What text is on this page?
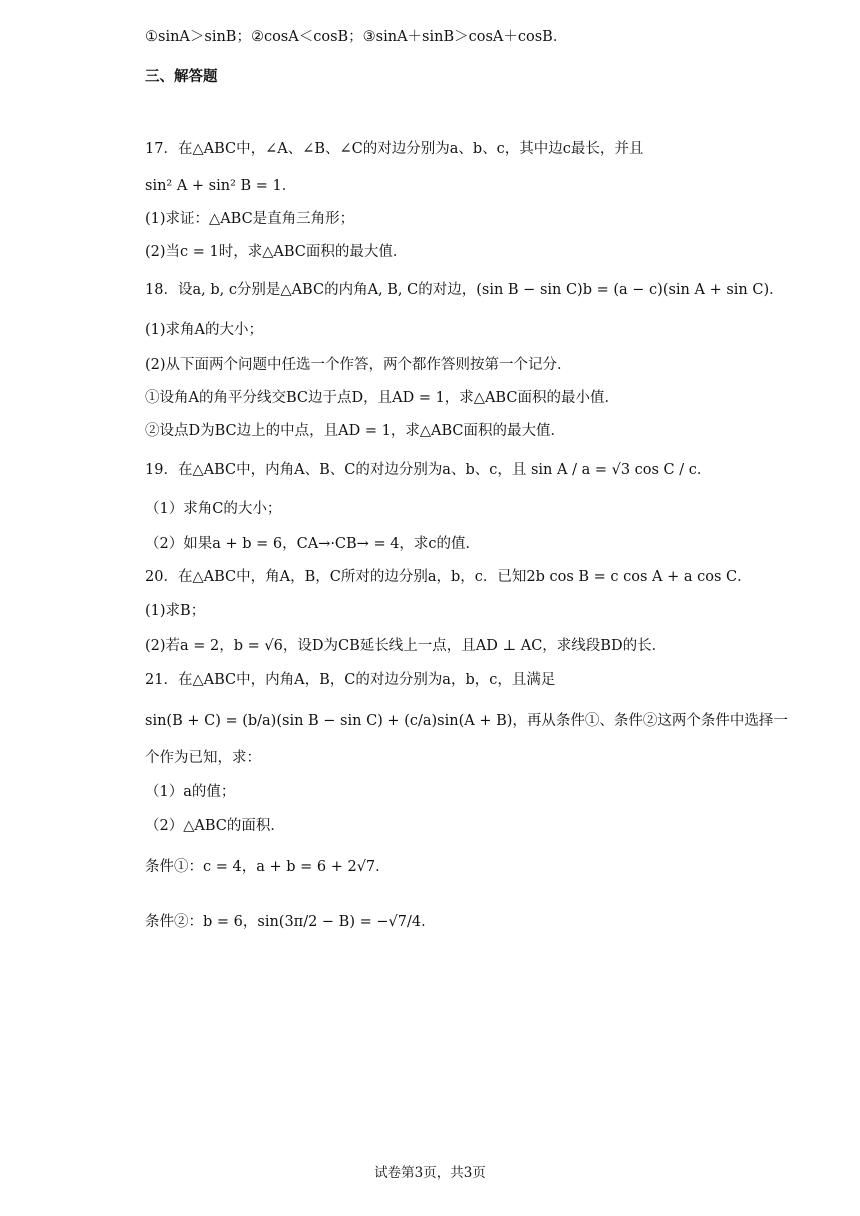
①sinA＞sinB；②cosA＜cosB；③sinA＋sinB＞cosA＋cosB．
三、解答题
17．在△ABC中，∠A、∠B、∠C的对边分别为a、b、c，其中边c最长，并且
sin² A + sin² B = 1．
(1)求证：△ABC是直角三角形；
(2)当c = 1时，求△ABC面积的最大值．
18．设a, b, c分别是△ABC的内角A, B, C的对边，(sin B − sin C)b = (a − c)(sin A + sin C)．
(1)求角A的大小；
(2)从下面两个问题中任选一个作答，两个都作答则按第一个记分．
①设角A的角平分线交BC边于点D，且AD = 1，求△ABC面积的最小值．
②设点D为BC边上的中点，且AD = 1，求△ABC面积的最大值．
19．在△ABC中，内角A、B、C的对边分别为a、b、c，且 sin A / a = √3 cos C / c．
（1）求角C的大小；
（2）如果a + b = 6，CA→·CB→ = 4，求c的值．
20．在△ABC中，角A，B，C所对的边分别a，b，c．已知2b cos B = c cos A + a cos C．
(1)求B；
(2)若a = 2，b = √6，设D为CB延长线上一点，且AD ⊥ AC，求线段BD的长．
21．在△ABC中，内角A，B，C的对边分别为a，b，c，且满足
sin(B + C) = (b/a)(sin B − sin C) + (c/a)sin(A + B)，再从条件①、条件②这两个条件中选择一
个作为已知，求：
（1）a的值；
（2）△ABC的面积．
条件①：c = 4，a + b = 6 + 2√7．
条件②：b = 6，sin(3π/2 − B) = −√7/4．
试卷第3页，共3页
